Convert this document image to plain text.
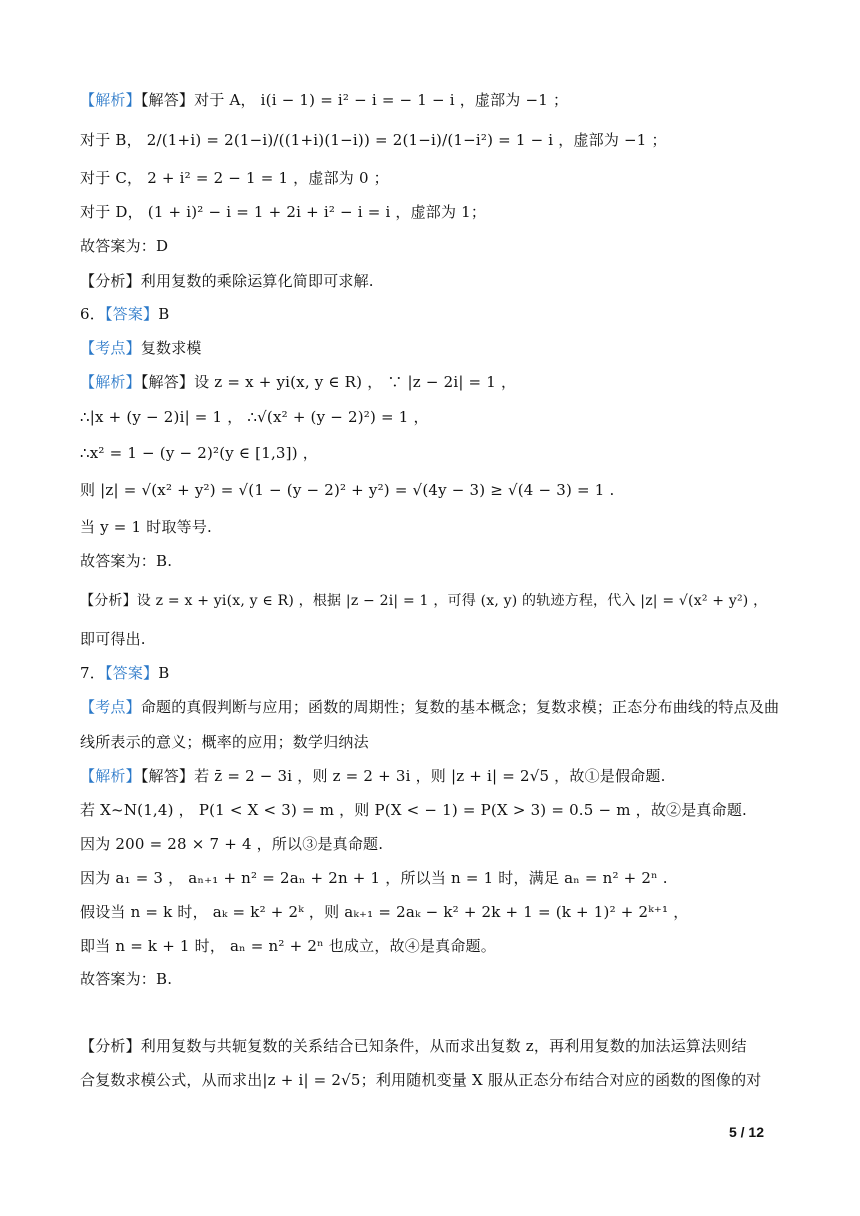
【解析】【解答】对于 A， i(i − 1) = i² − i = − 1 − i ，虚部为 −1 ；
对于 B， 2/(1+i) = 2(1−i)/((1+i)(1−i)) = 2(1−i)/(1−i²) = 1 − i ，虚部为 −1 ；
对于 C， 2 + i² = 2 − 1 = 1 ，虚部为 0 ；
对于 D， (1 + i)² − i = 1 + 2i + i² − i = i ，虚部为 1；
故答案为：D
【分析】利用复数的乘除运算化简即可求解.
6．【答案】B
【考点】复数求模
【解析】【解答】设 z = x + yi(x, y ∈ R) ， ∵ |z − 2i| = 1 ，
∴|x + (y − 2)i| = 1 ， ∴√(x² + (y − 2)²) = 1 ，
∴x² = 1 − (y − 2)²(y ∈ [1,3]) ，
则 |z| = √(x² + y²) = √(1 − (y − 2)² + y²) = √(4y − 3) ≥ √(4 − 3) = 1 .
当 y = 1 时取等号.
故答案为：B.
【分析】设 z = x + yi(x, y ∈ R) ，根据 |z − 2i| = 1 ，可得 (x, y) 的轨迹方程，代入 |z| = √(x² + y²) ，
即可得出.
7．【答案】B
【考点】命题的真假判断与应用；函数的周期性；复数的基本概念；复数求模；正态分布曲线的特点及曲
线所表示的意义；概率的应用；数学归纳法
【解析】【解答】若 z̄ = 2 − 3i ，则 z = 2 + 3i ，则 |z + i| = 2√5 ，故①是假命题.
若 X~N(1,4) ， P(1 < X < 3) = m ，则 P(X < − 1) = P(X > 3) = 0.5 − m ，故②是真命题.
因为 200 = 28 × 7 + 4 ，所以③是真命题.
因为 a₁ = 3 ， aₙ₊₁ + n² = 2aₙ + 2n + 1 ，所以当 n = 1 时，满足 aₙ = n² + 2ⁿ .
假设当 n = k 时， aₖ = k² + 2ᵏ ，则 aₖ₊₁ = 2aₖ − k² + 2k + 1 = (k + 1)² + 2ᵏ⁺¹ ，
即当 n = k + 1 时， aₙ = n² + 2ⁿ 也成立，故④是真命题。
故答案为：B.
【分析】利用复数与共轭复数的关系结合已知条件，从而求出复数 z，再利用复数的加法运算法则结
合复数求模公式，从而求出|z + i| = 2√5；利用随机变量 X 服从正态分布结合对应的函数的图像的对
5 / 12
